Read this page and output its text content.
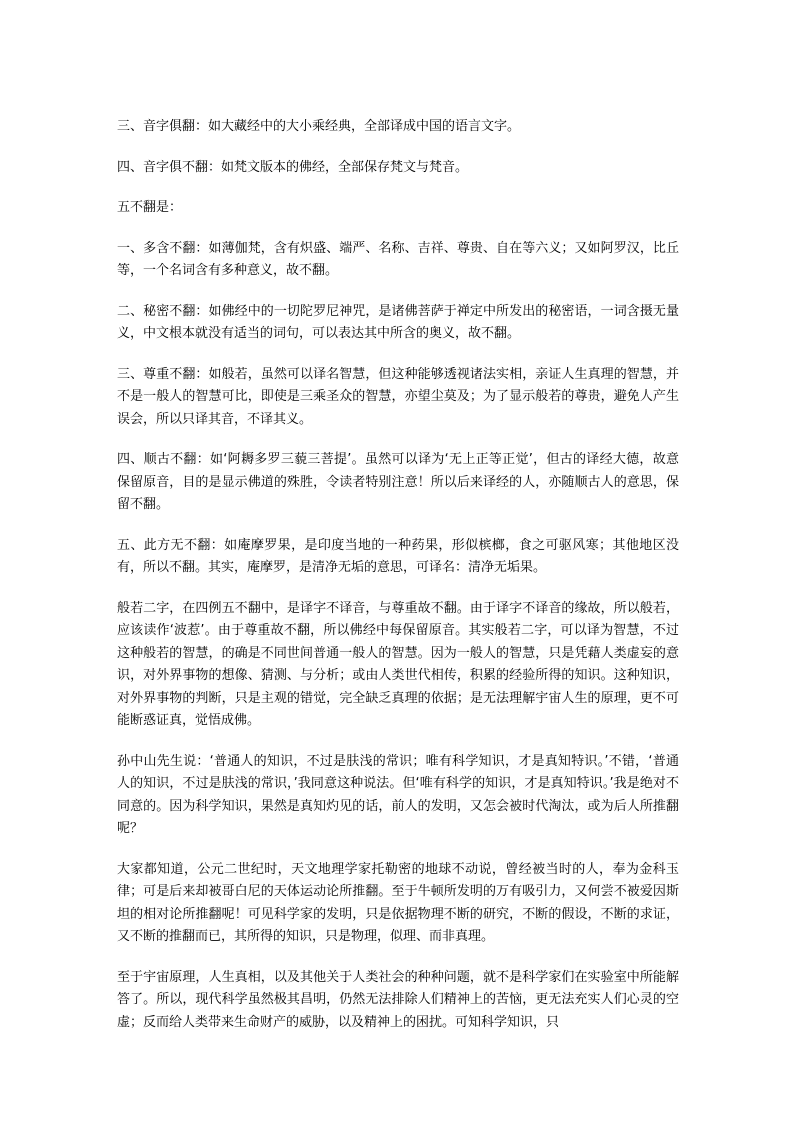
三、音字俱翻：如大藏经中的大小乘经典，全部译成中国的语言文字。

四、音字俱不翻：如梵文版本的佛经，全部保存梵文与梵音。

五不翻是：

一、多含不翻：如薄伽梵，含有炽盛、端严、名称、吉祥、尊贵、自在等六义；又如阿罗汉，比丘等，一个名词含有多种意义，故不翻。

二、秘密不翻：如佛经中的一切陀罗尼神咒，是诸佛菩萨于禅定中所发出的秘密语，一词含摄无量义，中文根本就没有适当的词句，可以表达其中所含的奥义，故不翻。

三、尊重不翻：如般若，虽然可以译名智慧，但这种能够透视诸法实相，亲证人生真理的智慧，并不是一般人的智慧可比，即使是三乘圣众的智慧，亦望尘莫及；为了显示般若的尊贵，避免人产生误会，所以只译其音，不译其义。

四、顺古不翻：如‘阿耨多罗三藐三菩提’。虽然可以译为‘无上正等正觉’，但古的译经大德，故意保留原音，目的是显示佛道的殊胜，令读者特别注意！所以后来译经的人，亦随顺古人的意思，保留不翻。

五、此方无不翻：如庵摩罗果，是印度当地的一种药果，形似槟榔，食之可驱风寒；其他地区没有，所以不翻。其实，庵摩罗，是清净无垢的意思，可译名：清净无垢果。

般若二字，在四例五不翻中，是译字不译音，与尊重故不翻。由于译字不译音的缘故，所以般若，应该读作‘波惹’。由于尊重故不翻，所以佛经中每保留原音。其实般若二字，可以译为智慧，不过这种般若的智慧，的确是不同世间普通一般人的智慧。因为一般人的智慧，只是凭藉人类虚妄的意识，对外界事物的想像、猜测、与分析；或由人类世代相传，积累的经验所得的知识。这种知识，对外界事物的判断，只是主观的错觉，完全缺乏真理的依据；是无法理解宇宙人生的原理，更不可能断惑证真，觉悟成佛。

孙中山先生说：‘普通人的知识，不过是肤浅的常识；唯有科学知识，才是真知特识。’不错，‘普通人的知识，不过是肤浅的常识，’我同意这种说法。但‘唯有科学的知识，才是真知特识。’我是绝对不同意的。因为科学知识，果然是真知灼见的话，前人的发明，又怎会被时代淘汰，或为后人所推翻呢？

大家都知道，公元二世纪时，天文地理学家托勒密的地球不动说，曾经被当时的人，奉为金科玉律；可是后来却被哥白尼的天体运动论所推翻。至于牛顿所发明的万有吸引力，又何尝不被爱因斯坦的相对论所推翻呢！可见科学家的发明，只是依据物理不断的研究，不断的假设，不断的求证，又不断的推翻而已，其所得的知识，只是物理，似理、而非真理。

至于宇宙原理，人生真相，以及其他关于人类社会的种种问题，就不是科学家们在实验室中所能解答了。所以，现代科学虽然极其昌明，仍然无法排除人们精神上的苦恼，更无法充实人们心灵的空虚；反而给人类带来生命财产的威胁，以及精神上的困扰。可知科学知识，只
